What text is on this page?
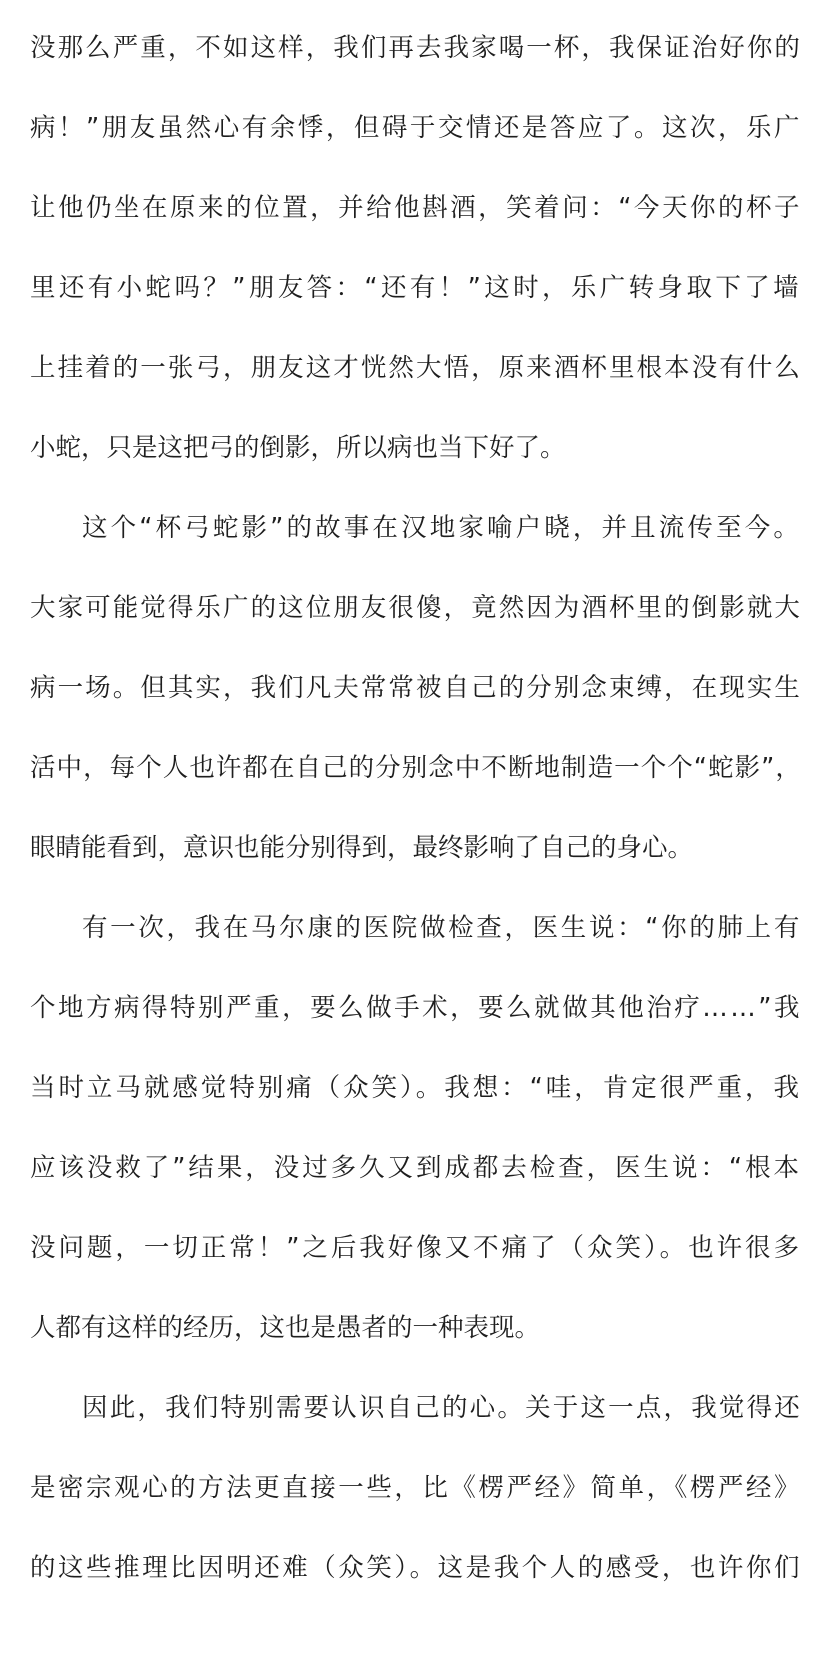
没那么严重，不如这样，我们再去我家喝一杯，我保证治好你的
病！”朋友虽然心有余悸，但碍于交情还是答应了。这次，乐广
让他仍坐在原来的位置，并给他斟酒，笑着问：“今天你的杯子
里还有小蛇吗？”朋友答：“还有！”这时，乐广转身取下了墙
上挂着的一张弓，朋友这才恍然大悟，原来酒杯里根本没有什么
小蛇，只是这把弓的倒影，所以病也当下好了。
这个“杯弓蛇影”的故事在汉地家喻户晓，并且流传至今。
大家可能觉得乐广的这位朋友很傻，竟然因为酒杯里的倒影就大
病一场。但其实，我们凡夫常常被自己的分别念束缚，在现实生
活中，每个人也许都在自己的分别念中不断地制造一个个“蛇影”，
眼睛能看到，意识也能分别得到，最终影响了自己的身心。
有一次，我在马尔康的医院做检查，医生说：“你的肺上有
个地方病得特别严重，要么做手术，要么就做其他治疗……”我
当时立马就感觉特别痛（众笑）。我想：“哇，肯定很严重，我
应该没救了”结果，没过多久又到成都去检查，医生说：“根本
没问题，一切正常！”之后我好像又不痛了（众笑）。也许很多
人都有这样的经历，这也是愚者的一种表现。
因此，我们特别需要认识自己的心。关于这一点，我觉得还
是密宗观心的方法更直接一些，比《楞严经》简单，《楞严经》
的这些推理比因明还难（众笑）。这是我个人的感受，也许你们
